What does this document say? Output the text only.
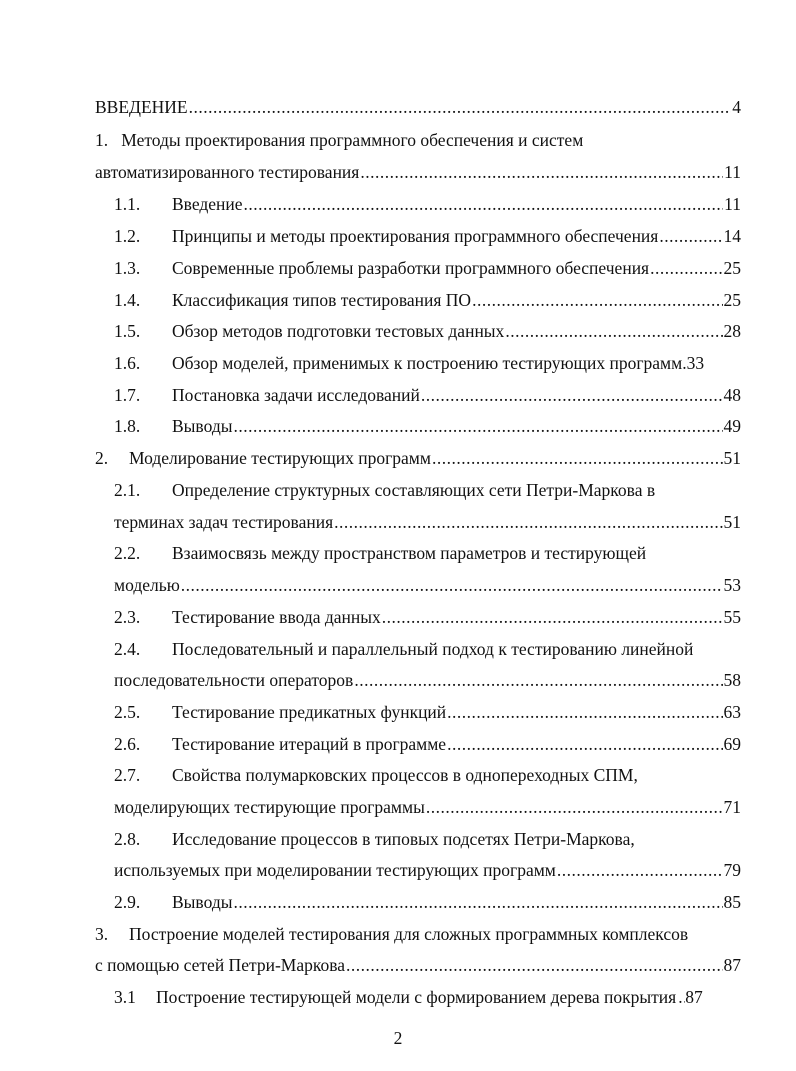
ВВЕДЕНИЕ .....	4
1. Методы проектирования программного обеспечения и систем
автоматизированного тестирования .....	11
1.1.	Введение .....	11
1.2.	Принципы и методы проектирования программного обеспечения .....	14
1.3.	Современные проблемы разработки программного обеспечения .....	25
1.4.	Классификация типов тестирования ПО .....	25
1.5.	Обзор методов подготовки тестовых данных .....	28
1.6.	Обзор моделей, применимых к построению тестирующих программ. 33
1.7.	Постановка задачи исследований .....	48
1.8.	Выводы .....	49
2.	Моделирование тестирующих программ .....	51
2.1. Определение структурных составляющих сети Петри-Маркова в
терминах задач тестирования .....	51
2.2. Взаимосвязь между пространством параметров и тестирующей
моделью .....	53
2.3.	Тестирование ввода данных .....	55
2.4. Последовательный и параллельный подход к тестированию линейной
последовательности операторов .....	58
2.5.	Тестирование предикатных функций .....	63
2.6.	Тестирование итераций в программе .....	69
2.7. Свойства полумарковских процессов в однопереходных СПМ,
моделирующих тестирующие программы .....	71
2.8. Исследование процессов в типовых подсетях Петри-Маркова,
используемых при моделировании тестирующих программ .....	79
2.9.	Выводы .....	85
3. Построение моделей тестирования для сложных программных комплексов
с помощью сетей Петри-Маркова .....	87
3.1	Построение тестирующей модели с формированием дерева покрытия ..... 87
2
